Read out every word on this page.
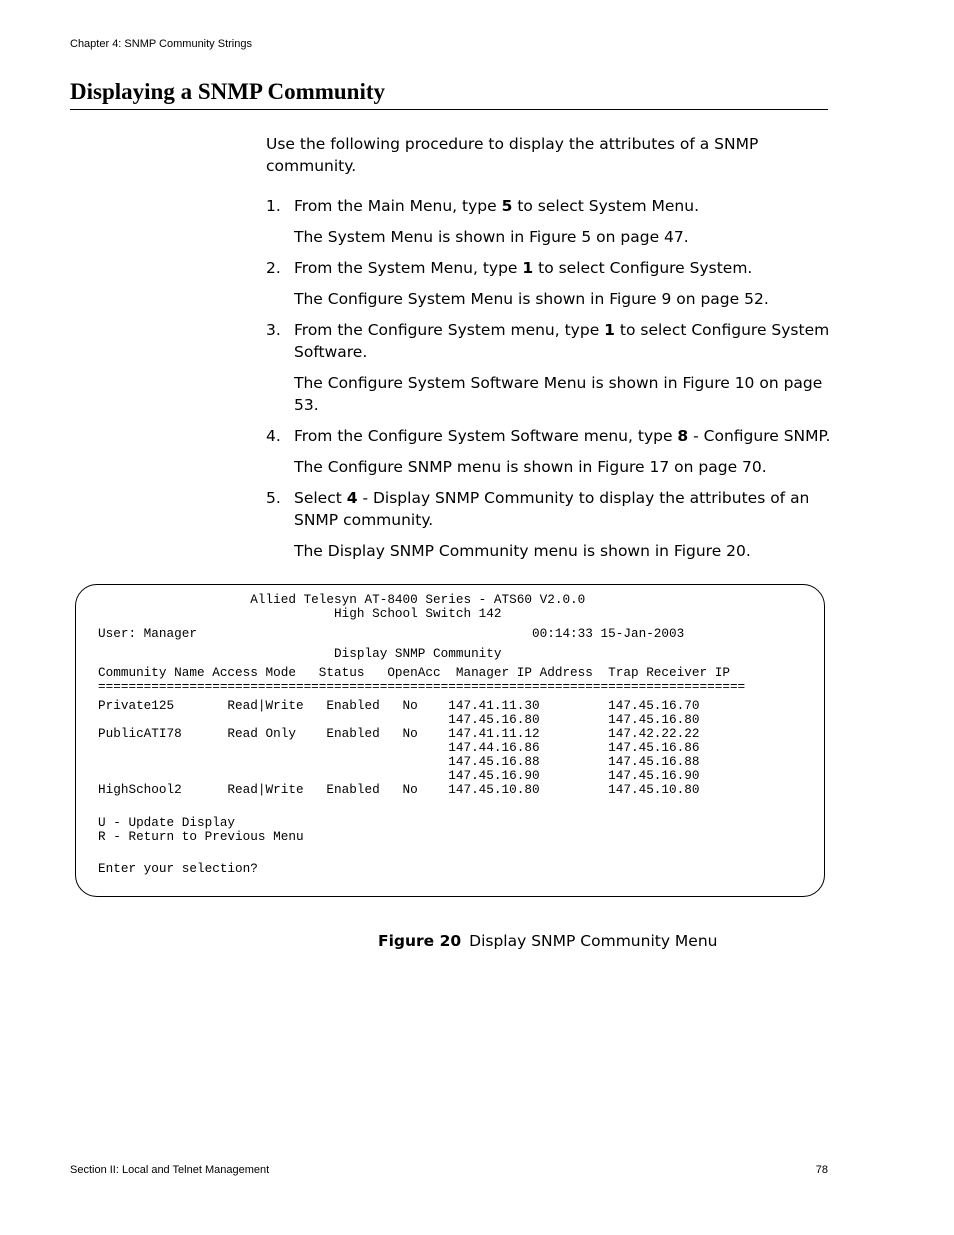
Chapter 4: SNMP Community Strings
Displaying a SNMP Community

Use the following procedure to display the attributes of a SNMP community.

1. From the Main Menu, type 5 to select System Menu.
The System Menu is shown in Figure 5 on page 47.
2. From the System Menu, type 1 to select Configure System.
The Configure System Menu is shown in Figure 9 on page 52.
3. From the Configure System menu, type 1 to select Configure System Software.
The Configure System Software Menu is shown in Figure 10 on page 53.
4. From the Configure System Software menu, type 8 - Configure SNMP.
The Configure SNMP menu is shown in Figure 17 on page 70.
5. Select 4 - Display SNMP Community to display the attributes of an SNMP community.
The Display SNMP Community menu is shown in Figure 20.
Allied Telesyn AT-8400 Series - ATS60 V2.0.0
High School Switch 142
User: Manager                                            00:14:33 15-Jan-2003
Display SNMP Community
Community Name Access Mode   Status   OpenAcc  Manager IP Address  Trap Receiver IP
=====================================================================================
Private125       Read|Write   Enabled   No    147.41.11.30         147.45.16.70
147.45.16.80         147.45.16.80
PublicATI78      Read Only    Enabled   No    147.41.11.12         147.42.22.22
147.44.16.86         147.45.16.86
147.45.16.88         147.45.16.88
147.45.16.90         147.45.16.90
HighSchool2      Read|Write   Enabled   No    147.45.10.80         147.45.10.80
U - Update Display
R - Return to Previous Menu
Enter your selection?
Figure 20 Display SNMP Community Menu
Section II: Local and Telnet Management	78
